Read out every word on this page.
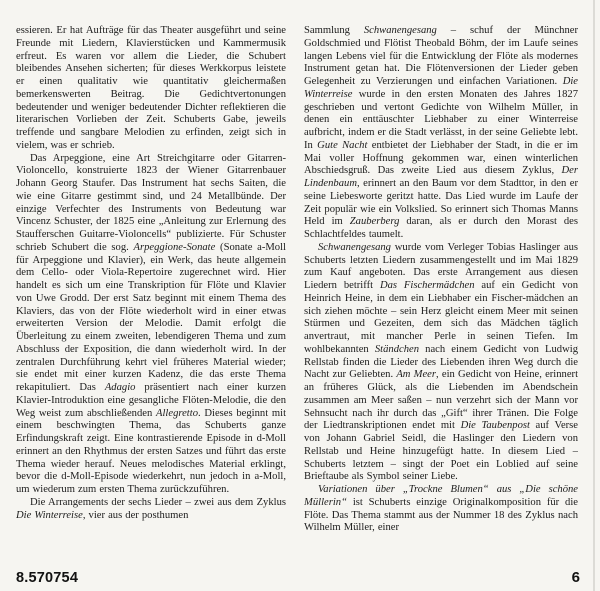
essieren. Er hat Aufträge für das Theater ausgeführt und seine Freunde mit Liedern, Klavierstücken und Kammermusik erfreut. Es waren vor allem die Lieder, die Schubert bleibendes Ansehen sicherten; für dieses Werkkorpus leistete er einen qualitativ wie quantitativ gleichermaßen bemerkenswerten Beitrag. Die Gedichtvertonungen bedeutender und weniger bedeutender Dichter reflektieren die literarischen Vorlieben der Zeit. Schuberts Gabe, jeweils treffende und sangbare Melodien zu erfinden, zeigt sich in vielem, was er schrieb.

Das Arpeggione, eine Art Streichgitarre oder Gitarren-Violoncello, konstruierte 1823 der Wiener Gitarrenbauer Johann Georg Staufer. Das Instrument hat sechs Saiten, die wie eine Gitarre gestimmt sind, und 24 Metallbünde. Der einzige Verfechter des Instruments von Bedeutung war Vincenz Schuster, der 1825 eine „Anleitung zur Erlernung des Staufferschen Guitarre-Violoncells“ publizierte. Für Schuster schrieb Schubert die sog. Arpeggione-Sonate (Sonate a-Moll für Arpeggione und Klavier), ein Werk, das heute allgemein dem Cello- oder Viola-Repertoire zugerechnet wird. Hier handelt es sich um eine Transkription für Flöte und Klavier von Uwe Grodd. Der erst Satz beginnt mit einem Thema des Klaviers, das von der Flöte wiederholt wird in einer etwas erweiterten Version der Melodie. Damit erfolgt die Überleitung zu einem zweiten, lebendigeren Thema und zum Abschluss der Exposition, die dann wiederholt wird. In der zentralen Durchführung kehrt viel früheres Material wieder; sie endet mit einer kurzen Kadenz, die das erste Thema rekapituliert. Das Adagio präsentiert nach einer kurzen Klavier-Introduktion eine gesangliche Flöten-Melodie, die den Weg weist zum abschließenden Allegretto. Dieses beginnt mit einem beschwingten Thema, das Schuberts ganze Erfindungskraft zeigt. Eine kontrastierende Episode in d-Moll erinnert an den Rhythmus der ersten Satzes und führt das erste Thema wieder herauf. Neues melodisches Material erklingt, bevor die d-Moll-Episode wiederkehrt, nun jedoch in a-Moll, um wiederum zum ersten Thema zurückzuführen.

Die Arrangements der sechs Lieder – zwei aus dem Zyklus Die Winterreise, vier aus der posthumen

Sammlung Schwanengesang – schuf der Münchner Goldschmied und Flötist Theobald Böhm, der im Laufe seines langen Lebens viel für die Entwicklung der Flöte als modernes Instrument getan hat. Die Flötenversionen der Lieder geben Gelegenheit zu Verzierungen und einfachen Variationen. Die Winterreise wurde in den ersten Monaten des Jahres 1827 geschrieben und vertont Gedichte von Wilhelm Müller, in denen ein enttäuschter Liebhaber zu einer Winterreise aufbricht, indem er die Stadt verlässt, in der seine Geliebte lebt. In Gute Nacht entbietet der Liebhaber der Stadt, in die er im Mai voller Hoffnung gekommen war, einen winterlichen Abschiedsgruß. Das zweite Lied aus diesem Zyklus, Der Lindenbaum, erinnert an den Baum vor dem Stadttor, in den er seine Liebesworte geritzt hatte. Das Lied wurde im Laufe der Zeit populär wie ein Volkslied. So erinnert sich Thomas Manns Held im Zauberberg daran, als er durch den Morast des Schlachtfeldes taumelt.

Schwanengesang wurde vom Verleger Tobias Haslinger aus Schuberts letzten Liedern zusammengestellt und im Mai 1829 zum Kauf angeboten. Das erste Arrangement aus diesen Liedern betrifft Das Fischermädchen auf ein Gedicht von Heinrich Heine, in dem ein Liebhaber ein Fischer-mädchen an sich ziehen möchte – sein Herz gleicht einem Meer mit seinen Stürmen und Gezeiten, dem sich das Mädchen täglich anvertraut, mit mancher Perle in seinen Tiefen. Im wohlbekannten Ständchen nach einem Gedicht von Ludwig Rellstab finden die Lieder des Liebenden ihren Weg durch die Nacht zur Geliebten. Am Meer, ein Gedicht von Heine, erinnert an früheres Glück, als die Liebenden im Abendschein zusammen am Meer saßen – nun verzehrt sich der Mann vor Sehnsucht nach ihr durch das „Gift“ ihrer Tränen. Die Folge der Liedtranskriptionen endet mit Die Taubenpost auf Verse von Johann Gabriel Seidl, die Haslinger den Liedern von Rellstab und Heine hinzugefügt hatte. In diesem Lied – Schuberts letztem – singt der Poet ein Loblied auf seine Brieftaube als Symbol seiner Liebe.

Variationen über „Trockne Blumen“ aus „Die schöne Müllerin“ ist Schuberts einzige Originalkomposition für die Flöte. Das Thema stammt aus der Nummer 18 des Zyklus nach Wilhelm Müller, einer

8.570754	6
